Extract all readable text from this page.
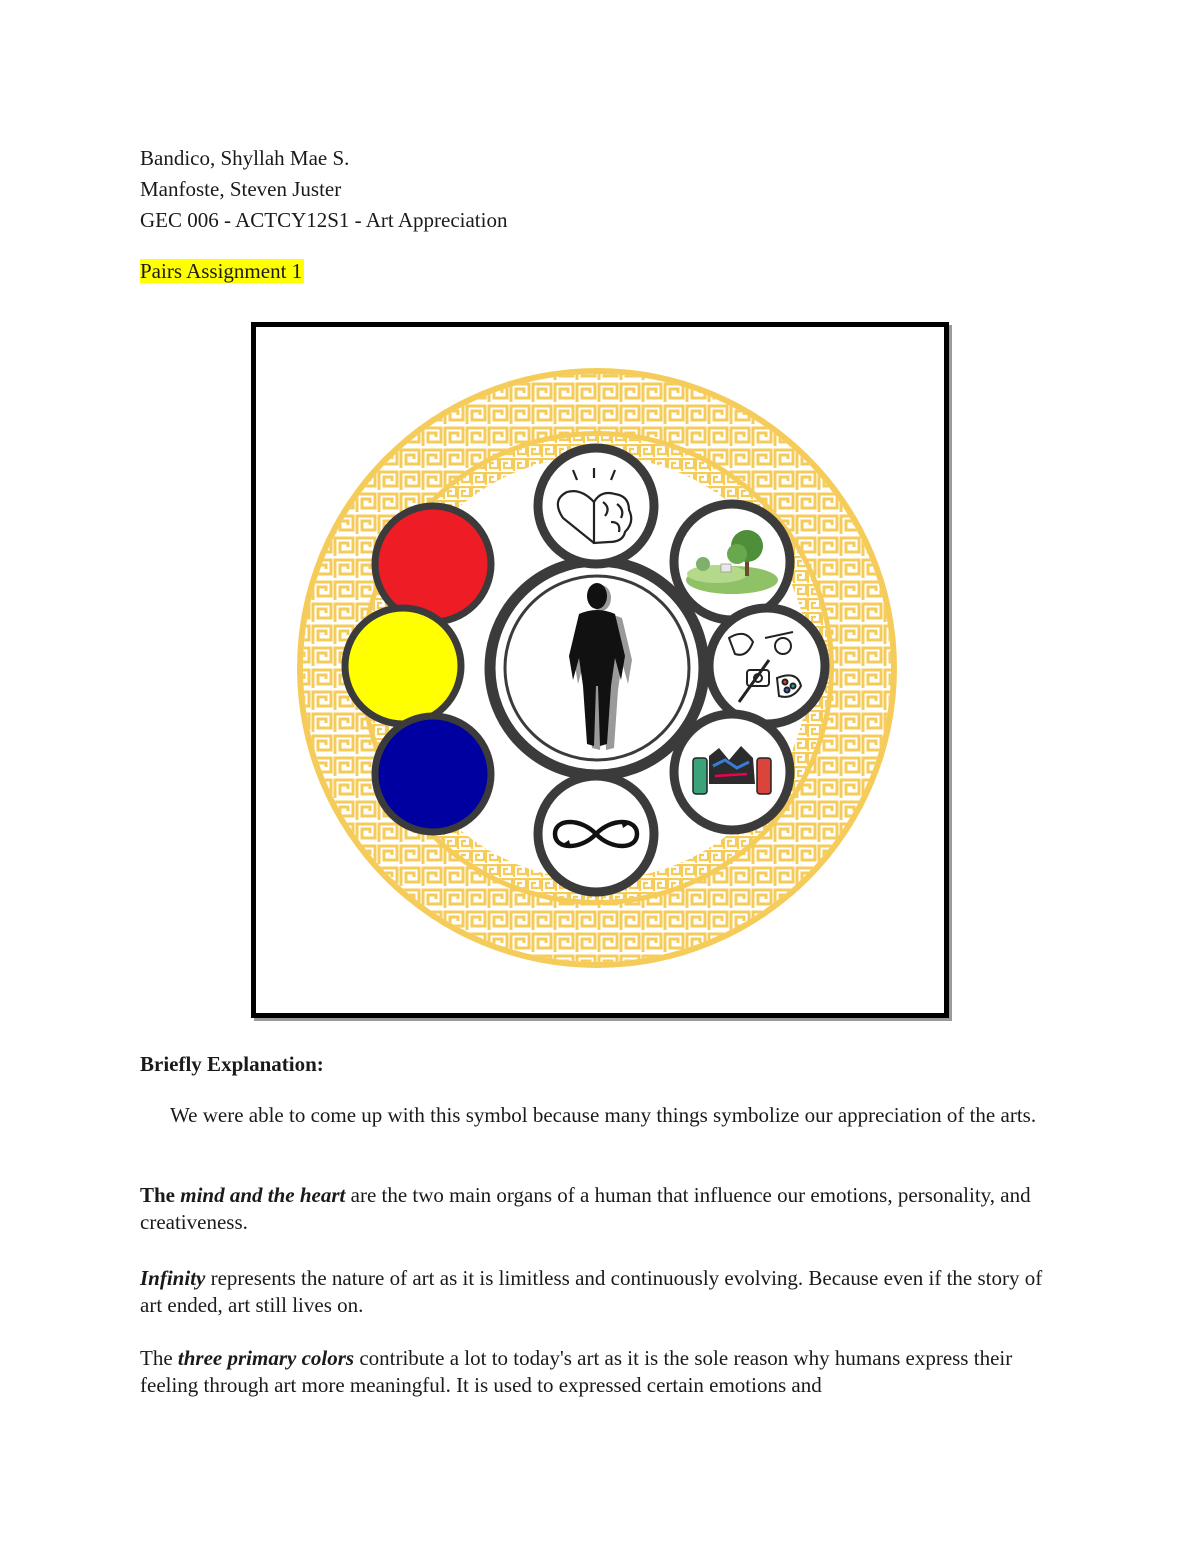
Bandico, Shyllah Mae S.
Manfoste, Steven Juster
GEC 006 - ACTCY12S1 - Art Appreciation
Pairs Assignment 1
Briefly Explanation:

We were able to come up with this symbol because many things symbolize our appreciation of the arts.

The mind and the heart are the two main organs of a human that influence our emotions, personality, and creativeness.

Infinity represents the nature of art as it is limitless and continuously evolving. Because even if the story of art ended, art still lives on.

The three primary colors contribute a lot to today's art as it is the sole reason why humans express their feeling through art more meaningful. It is used to expressed certain emotions and
